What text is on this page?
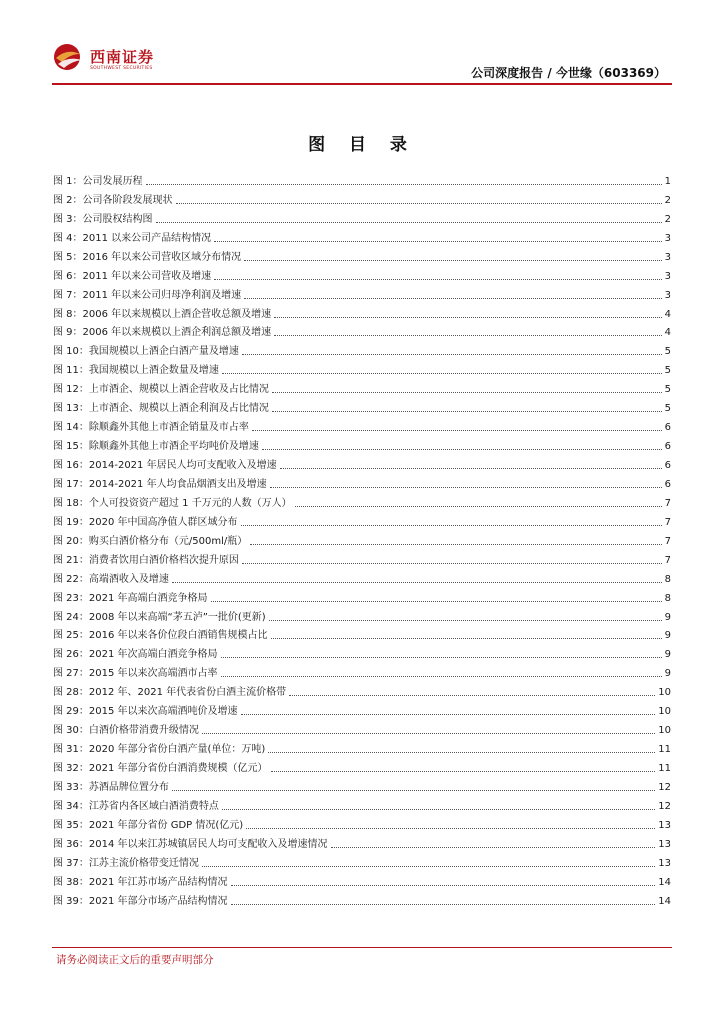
西南证券
SOUTHWEST SECURITIES	公司深度报告 / 今世缘（603369）
图 目 录
图 1：公司发展历程	1
图 2：公司各阶段发展现状	2
图 3：公司股权结构图	2
图 4：2011 以来公司产品结构情况	3
图 5：2016 年以来公司营收区域分布情况	3
图 6：2011 年以来公司营收及增速	3
图 7：2011 年以来公司归母净利润及增速	3
图 8：2006 年以来规模以上酒企营收总额及增速	4
图 9：2006 年以来规模以上酒企利润总额及增速	4
图 10：我国规模以上酒企白酒产量及增速	5
图 11：我国规模以上酒企数量及增速	5
图 12：上市酒企、规模以上酒企营收及占比情况	5
图 13：上市酒企、规模以上酒企利润及占比情况	5
图 14：除顺鑫外其他上市酒企销量及市占率	6
图 15：除顺鑫外其他上市酒企平均吨价及增速	6
图 16：2014-2021 年居民人均可支配收入及增速	6
图 17：2014-2021 年人均食品烟酒支出及增速	6
图 18：个人可投资资产超过 1 千万元的人数（万人）	7
图 19：2020 年中国高净值人群区域分布	7
图 20：购买白酒价格分布（元/500ml/瓶）	7
图 21：消费者饮用白酒价格档次提升原因	7
图 22：高端酒收入及增速	8
图 23：2021 年高端白酒竞争格局	8
图 24：2008 年以来高端“茅五泸”一批价(更新)	9
图 25：2016 年以来各价位段白酒销售规模占比	9
图 26：2021 年次高端白酒竞争格局	9
图 27：2015 年以来次高端酒市占率	9
图 28：2012 年、2021 年代表省份白酒主流价格带	10
图 29：2015 年以来次高端酒吨价及增速	10
图 30：白酒价格带消费升级情况	10
图 31：2020 年部分省份白酒产量(单位：万吨)	11
图 32：2021 年部分省份白酒消费规模（亿元）	11
图 33：苏酒品牌位置分布	12
图 34：江苏省内各区域白酒消费特点	12
图 35：2021 年部分省份 GDP 情况(亿元)	13
图 36：2014 年以来江苏城镇居民人均可支配收入及增速情况	13
图 37：江苏主流价格带变迁情况	13
图 38：2021 年江苏市场产品结构情况	14
图 39：2021 年部分市场产品结构情况	14
请务必阅读正文后的重要声明部分
